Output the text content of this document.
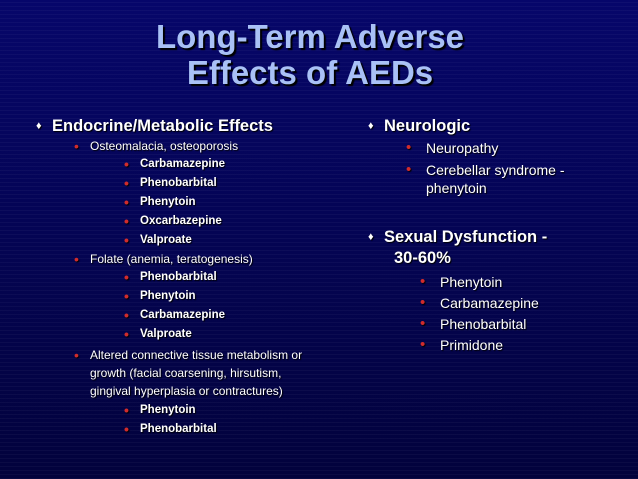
Long-Term Adverse
Effects of AEDs
♦ Endocrine/Metabolic Effects
• Osteomalacia, osteoporosis
• Carbamazepine
• Phenobarbital
• Phenytoin
• Oxcarbazepine
• Valproate
• Folate (anemia, teratogenesis)
• Phenobarbital
• Phenytoin
• Carbamazepine
• Valproate
• Altered connective tissue metabolism or
growth (facial coarsening, hirsutism,
gingival hyperplasia or contractures)
• Phenytoin
• Phenobarbital
♦ Neurologic
• Neuropathy
• Cerebellar syndrome -
phenytoin
♦ Sexual Dysfunction -
30-60%
• Phenytoin
• Carbamazepine
• Phenobarbital
• Primidone
